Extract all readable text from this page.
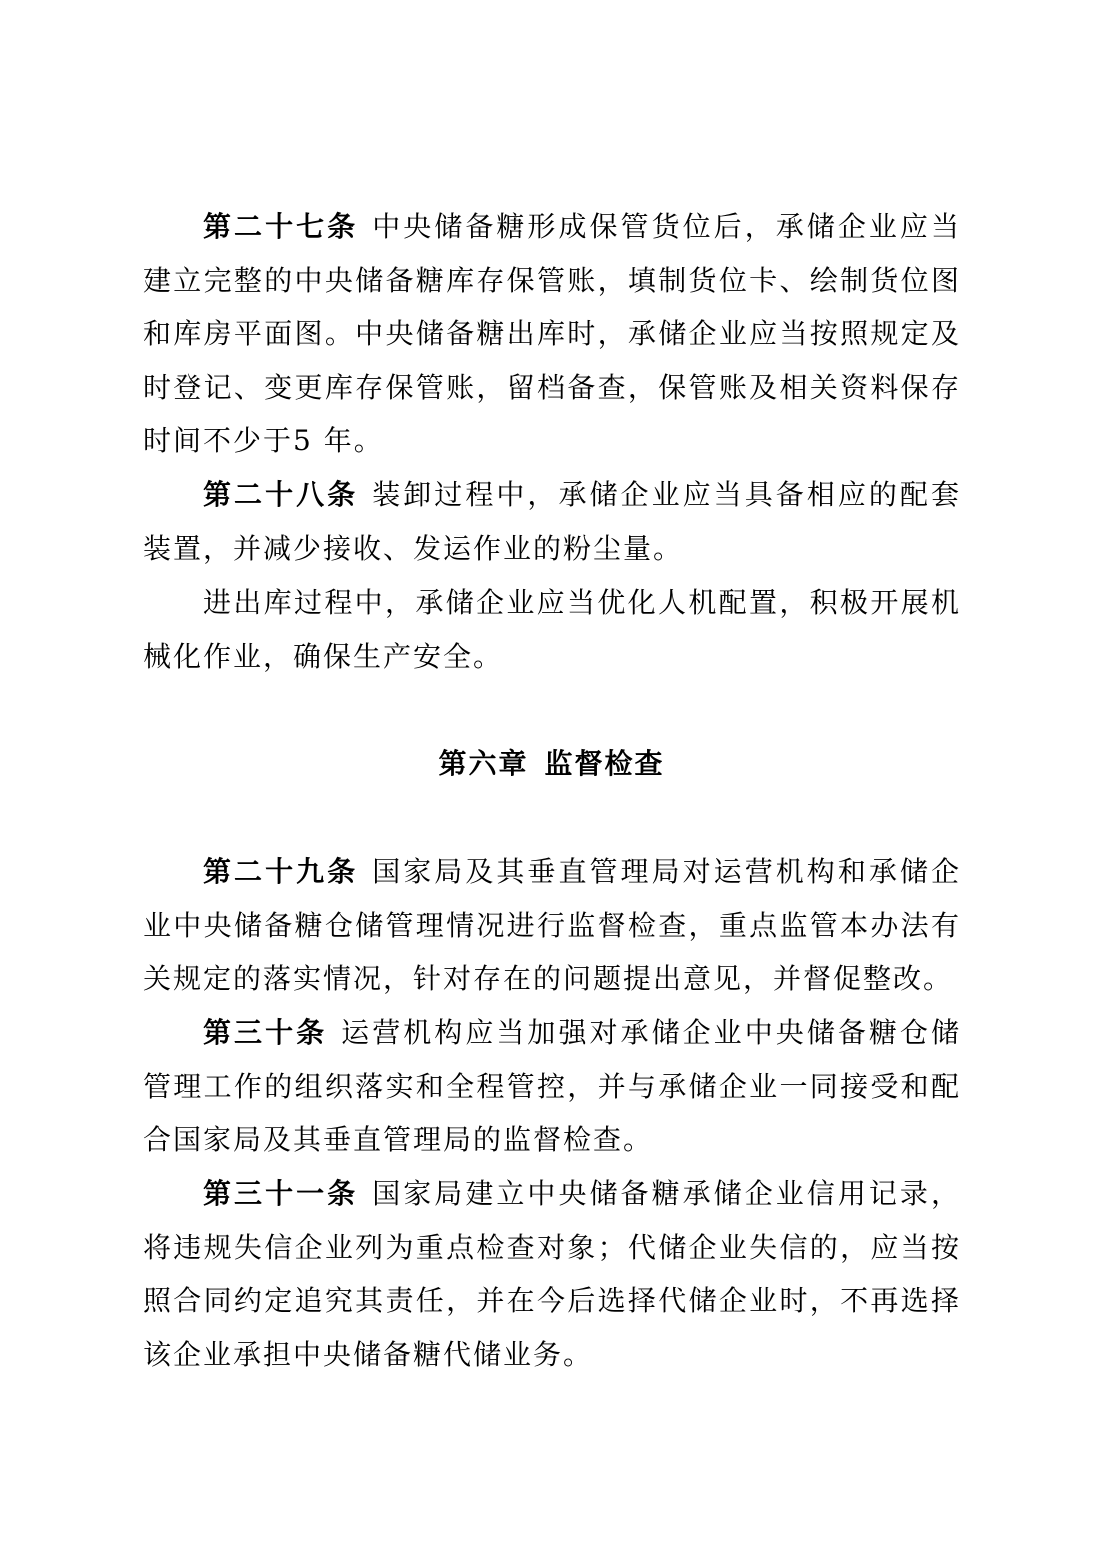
第二十七条 中央储备糖形成保管货位后，承储企业应当建立完整的中央储备糖库存保管账，填制货位卡、绘制货位图和库房平面图。中央储备糖出库时，承储企业应当按照规定及时登记、变更库存保管账，留档备查，保管账及相关资料保存时间不少于5 年。

第二十八条 装卸过程中，承储企业应当具备相应的配套装置，并减少接收、发运作业的粉尘量。

进出库过程中，承储企业应当优化人机配置，积极开展机械化作业，确保生产安全。

第六章 监督检查

第二十九条 国家局及其垂直管理局对运营机构和承储企业中央储备糖仓储管理情况进行监督检查，重点监管本办法有关规定的落实情况，针对存在的问题提出意见，并督促整改。

第三十条 运营机构应当加强对承储企业中央储备糖仓储管理工作的组织落实和全程管控，并与承储企业一同接受和配合国家局及其垂直管理局的监督检查。

第三十一条 国家局建立中央储备糖承储企业信用记录，将违规失信企业列为重点检查对象；代储企业失信的，应当按照合同约定追究其责任，并在今后选择代储企业时，不再选择该企业承担中央储备糖代储业务。
